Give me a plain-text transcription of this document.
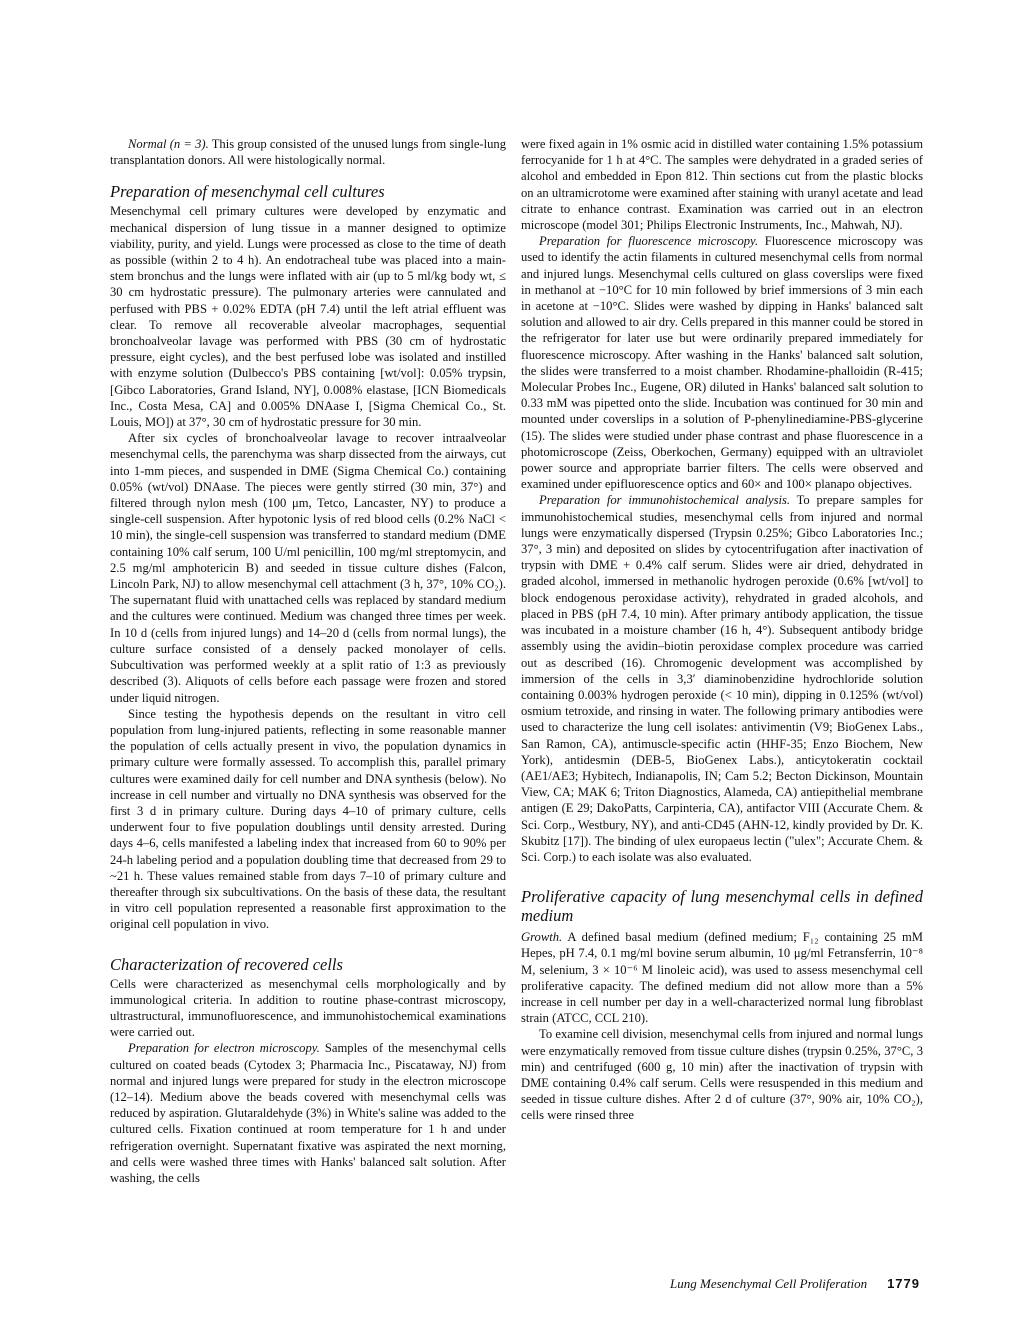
Normal (n = 3). This group consisted of the unused lungs from single-lung transplantation donors. All were histologically normal.

Preparation of mesenchymal cell cultures

Mesenchymal cell primary cultures were developed by enzymatic and mechanical dispersion of lung tissue in a manner designed to optimize viability, purity, and yield. Lungs were processed as close to the time of death as possible (within 2 to 4 h). An endotracheal tube was placed into a main-stem bronchus and the lungs were inflated with air (up to 5 ml/kg body wt, ≤ 30 cm hydrostatic pressure). The pulmonary arteries were cannulated and perfused with PBS + 0.02% EDTA (pH 7.4) until the left atrial effluent was clear. To remove all recoverable alveolar macrophages, sequential bronchoalveolar lavage was performed with PBS (30 cm of hydrostatic pressure, eight cycles), and the best perfused lobe was isolated and instilled with enzyme solution (Dulbecco's PBS containing [wt/vol]: 0.05% trypsin, [Gibco Laboratories, Grand Island, NY], 0.008% elastase, [ICN Biomedicals Inc., Costa Mesa, CA] and 0.005% DNAase I, [Sigma Chemical Co., St. Louis, MO]) at 37°, 30 cm of hydrostatic pressure for 30 min.

After six cycles of bronchoalveolar lavage to recover intraalveolar mesenchymal cells, the parenchyma was sharp dissected from the airways, cut into 1-mm pieces, and suspended in DME (Sigma Chemical Co.) containing 0.05% (wt/vol) DNAase. The pieces were gently stirred (30 min, 37°) and filtered through nylon mesh (100 μm, Tetco, Lancaster, NY) to produce a single-cell suspension. After hypotonic lysis of red blood cells (0.2% NaCl < 10 min), the single-cell suspension was transferred to standard medium (DME containing 10% calf serum, 100 U/ml penicillin, 100 mg/ml streptomycin, and 2.5 mg/ml amphotericin B) and seeded in tissue culture dishes (Falcon, Lincoln Park, NJ) to allow mesenchymal cell attachment (3 h, 37°, 10% CO₂). The supernatant fluid with unattached cells was replaced by standard medium and the cultures were continued. Medium was changed three times per week. In 10 d (cells from injured lungs) and 14–20 d (cells from normal lungs), the culture surface consisted of a densely packed monolayer of cells. Subcultivation was performed weekly at a split ratio of 1:3 as previously described (3). Aliquots of cells before each passage were frozen and stored under liquid nitrogen.

Since testing the hypothesis depends on the resultant in vitro cell population from lung-injured patients, reflecting in some reasonable manner the population of cells actually present in vivo, the population dynamics in primary culture were formally assessed. To accomplish this, parallel primary cultures were examined daily for cell number and DNA synthesis (below). No increase in cell number and virtually no DNA synthesis was observed for the first 3 d in primary culture. During days 4–10 of primary culture, cells underwent four to five population doublings until density arrested. During days 4–6, cells manifested a labeling index that increased from 60 to 90% per 24-h labeling period and a population doubling time that decreased from 29 to ~21 h. These values remained stable from days 7–10 of primary culture and thereafter through six subcultivations. On the basis of these data, the resultant in vitro cell population represented a reasonable first approximation to the original cell population in vivo.

Characterization of recovered cells

Cells were characterized as mesenchymal cells morphologically and by immunological criteria. In addition to routine phase-contrast microscopy, ultrastructural, immunofluorescence, and immunohistochemical examinations were carried out.

Preparation for electron microscopy. Samples of the mesenchymal cells cultured on coated beads (Cytodex 3; Pharmacia Inc., Piscataway, NJ) from normal and injured lungs were prepared for study in the electron microscope (12–14). Medium above the beads covered with mesenchymal cells was reduced by aspiration. Glutaraldehyde (3%) in White's saline was added to the cultured cells. Fixation continued at room temperature for 1 h and under refrigeration overnight. Supernatant fixative was aspirated the next morning, and cells were washed three times with Hanks' balanced salt solution. After washing, the cells

were fixed again in 1% osmic acid in distilled water containing 1.5% potassium ferrocyanide for 1 h at 4°C. The samples were dehydrated in a graded series of alcohol and embedded in Epon 812. Thin sections cut from the plastic blocks on an ultramicrotome were examined after staining with uranyl acetate and lead citrate to enhance contrast. Examination was carried out in an electron microscope (model 301; Philips Electronic Instruments, Inc., Mahwah, NJ).

Preparation for fluorescence microscopy. Fluorescence microscopy was used to identify the actin filaments in cultured mesenchymal cells from normal and injured lungs. Mesenchymal cells cultured on glass coverslips were fixed in methanol at −10°C for 10 min followed by brief immersions of 3 min each in acetone at −10°C. Slides were washed by dipping in Hanks' balanced salt solution and allowed to air dry. Cells prepared in this manner could be stored in the refrigerator for later use but were ordinarily prepared immediately for fluorescence microscopy. After washing in the Hanks' balanced salt solution, the slides were transferred to a moist chamber. Rhodamine-phalloidin (R-415; Molecular Probes Inc., Eugene, OR) diluted in Hanks' balanced salt solution to 0.33 mM was pipetted onto the slide. Incubation was continued for 30 min and mounted under coverslips in a solution of P-phenylinediamine-PBS-glycerine (15). The slides were studied under phase contrast and phase fluorescence in a photomicroscope (Zeiss, Oberkochen, Germany) equipped with an ultraviolet power source and appropriate barrier filters. The cells were observed and examined under epifluorescence optics and 60× and 100× planapo objectives.

Preparation for immunohistochemical analysis. To prepare samples for immunohistochemical studies, mesenchymal cells from injured and normal lungs were enzymatically dispersed (Trypsin 0.25%; Gibco Laboratories Inc.; 37°, 3 min) and deposited on slides by cytocentrifugation after inactivation of trypsin with DME + 0.4% calf serum. Slides were air dried, dehydrated in graded alcohol, immersed in methanolic hydrogen peroxide (0.6% [wt/vol] to block endogenous peroxidase activity), rehydrated in graded alcohols, and placed in PBS (pH 7.4, 10 min). After primary antibody application, the tissue was incubated in a moisture chamber (16 h, 4°). Subsequent antibody bridge assembly using the avidin–biotin peroxidase complex procedure was carried out as described (16). Chromogenic development was accomplished by immersion of the cells in 3,3′ diaminobenzidine hydrochloride solution containing 0.003% hydrogen peroxide (< 10 min), dipping in 0.125% (wt/vol) osmium tetroxide, and rinsing in water. The following primary antibodies were used to characterize the lung cell isolates: antivimentin (V9; BioGenex Labs., San Ramon, CA), antimuscle-specific actin (HHF-35; Enzo Biochem, New York), antidesmin (DEB-5, BioGenex Labs.), anticytokeratin cocktail (AE1/AE3; Hybitech, Indianapolis, IN; Cam 5.2; Becton Dickinson, Mountain View, CA; MAK 6; Triton Diagnostics, Alameda, CA) antiepithelial membrane antigen (E 29; DakoPatts, Carpinteria, CA), antifactor VIII (Accurate Chem. & Sci. Corp., Westbury, NY), and anti-CD45 (AHN-12, kindly provided by Dr. K. Skubitz [17]). The binding of ulex europaeus lectin ("ulex"; Accurate Chem. & Sci. Corp.) to each isolate was also evaluated.

Proliferative capacity of lung mesenchymal cells in defined medium

Growth. A defined basal medium (defined medium; F₁₂ containing 25 mM Hepes, pH 7.4, 0.1 mg/ml bovine serum albumin, 10 μg/ml Fetransferrin, 10⁻⁸ M, selenium, 3 × 10⁻⁶ M linoleic acid), was used to assess mesenchymal cell proliferative capacity. The defined medium did not allow more than a 5% increase in cell number per day in a well-characterized normal lung fibroblast strain (ATCC, CCL 210).

To examine cell division, mesenchymal cells from injured and normal lungs were enzymatically removed from tissue culture dishes (trypsin 0.25%, 37°C, 3 min) and centrifuged (600 g, 10 min) after the inactivation of trypsin with DME containing 0.4% calf serum. Cells were resuspended in this medium and seeded in tissue culture dishes. After 2 d of culture (37°, 90% air, 10% CO₂), cells were rinsed three

Lung Mesenchymal Cell Proliferation 1779
